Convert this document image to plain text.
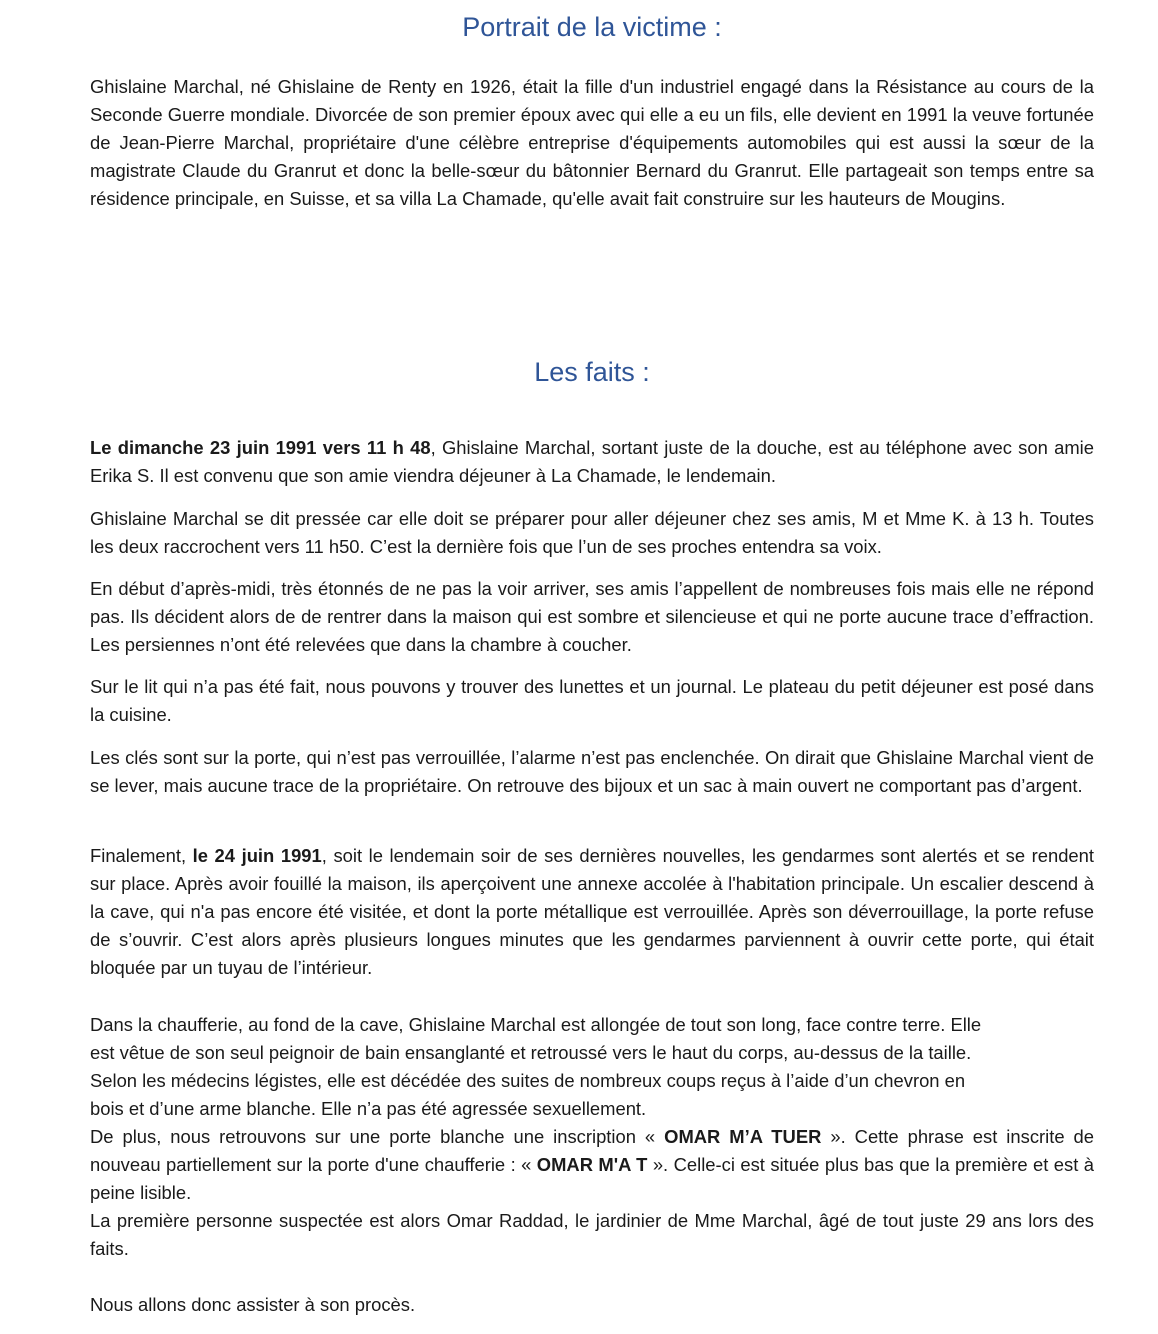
Portrait de la victime :

Ghislaine Marchal, né Ghislaine de Renty en 1926, était la fille d'un industriel engagé dans la Résistance au cours de la Seconde Guerre mondiale. Divorcée de son premier époux avec qui elle a eu un fils, elle devient en 1991 la veuve fortunée de Jean-Pierre Marchal, propriétaire d'une célèbre entreprise d'équipements automobiles qui est aussi la sœur de la magistrate Claude du Granrut et donc la belle-sœur du bâtonnier Bernard du Granrut. Elle partageait son temps entre sa résidence principale, en Suisse, et sa villa La Chamade, qu'elle avait fait construire sur les hauteurs de Mougins.

Les faits :

Le dimanche 23 juin 1991 vers 11 h 48, Ghislaine Marchal, sortant juste de la douche, est au téléphone avec son amie Erika S. Il est convenu que son amie viendra déjeuner à La Chamade, le lendemain.

Ghislaine Marchal se dit pressée car elle doit se préparer pour aller déjeuner chez ses amis, M et Mme K. à 13 h. Toutes les deux raccrochent vers 11 h50. C’est la dernière fois que l’un de ses proches entendra sa voix.

En début d’après-midi, très étonnés de ne pas la voir arriver, ses amis l’appellent de nombreuses fois mais elle ne répond pas. Ils décident alors de de rentrer dans la maison qui est sombre et silencieuse et qui ne porte aucune trace d’effraction. Les persiennes n’ont été relevées que dans la chambre à coucher.

Sur le lit qui n’a pas été fait, nous pouvons y trouver des lunettes et un journal. Le plateau du petit déjeuner est posé dans la cuisine.

Les clés sont sur la porte, qui n’est pas verrouillée, l’alarme n’est pas enclenchée. On dirait que Ghislaine Marchal vient de se lever, mais aucune trace de la propriétaire. On retrouve des bijoux et un sac à main ouvert ne comportant pas d’argent.

Finalement, le 24 juin 1991, soit le lendemain soir de ses dernières nouvelles, les gendarmes sont alertés et se rendent sur place. Après avoir fouillé la maison, ils aperçoivent une annexe accolée à l'habitation principale. Un escalier descend à la cave, qui n'a pas encore été visitée, et dont la porte métallique est verrouillée. Après son déverrouillage, la porte refuse de s’ouvrir. C’est alors après plusieurs longues minutes que les gendarmes parviennent à ouvrir cette porte, qui était bloquée par un tuyau de l’intérieur.

Dans la chaufferie, au fond de la cave, Ghislaine Marchal est allongée de tout son long, face contre terre. Elle
est vêtue de son seul peignoir de bain ensanglanté et retroussé vers le haut du corps, au-dessus de la taille.
Selon les médecins légistes, elle est décédée des suites de nombreux coups reçus à l’aide d’un chevron en
bois et d’une arme blanche. Elle n’a pas été agressée sexuellement.

De plus, nous retrouvons sur une porte blanche une inscription « OMAR M’A TUER ». Cette phrase est inscrite de nouveau partiellement sur la porte d'une chaufferie : « OMAR M'A T ». Celle-ci est située plus bas que la première et est à peine lisible.

La première personne suspectée est alors Omar Raddad, le jardinier de Mme Marchal, âgé de tout juste 29 ans lors des faits.

Nous allons donc assister à son procès.
